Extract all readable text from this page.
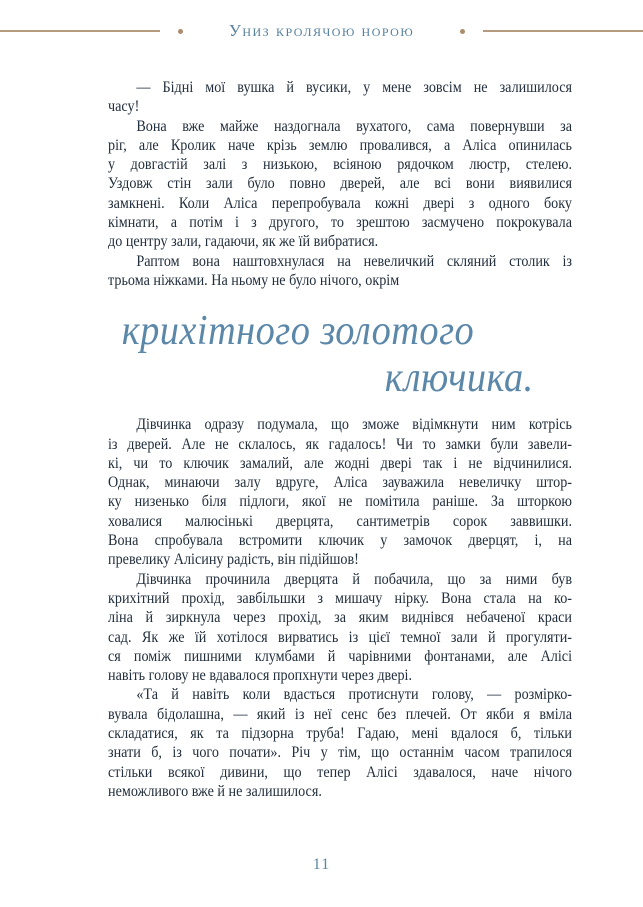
Униз кролячою норою
— Бідні мої вушка й вусики, у мене зовсім не залишилося
часу!
Вона вже майже наздогнала вухатого, сама повернувши за
ріг, але Кролик наче крізь землю провалився, а Аліса опинилась
у довгастій залі з низькою, всіяною рядочком люстр, стелею.
Уздовж стін зали було повно дверей, але всі вони виявилися
замкнені. Коли Аліса перепробувала кожні двері з одного боку
кімнати, а потім і з другого, то зрештою засмучено покрокувала
до центру зали, гадаючи, як же їй вибратися.
Раптом вона наштовхнулася на невеличкий скляний столик із
трьома ніжками. На ньому не було нічого, окрім
крихітного золотого
ключика.
Дівчинка одразу подумала, що зможе відімкнути ним котрісь
із дверей. Але не склалось, як гадалось! Чи то замки були завели-
кі, чи то ключик замалий, але жодні двері так і не відчинилися.
Однак, минаючи залу вдруге, Аліса зауважила невеличку штор-
ку низенько біля підлоги, якої не помітила раніше. За шторкою
ховалися малюсінькі дверцята, сантиметрів сорок заввишки.
Вона спробувала встромити ключик у замочок дверцят, і, на
превелику Алісину радість, він підійшов!
Дівчинка прочинила дверцята й побачила, що за ними був
крихітний прохід, завбільшки з мишачу нірку. Вона стала на ко-
ліна й зиркнула через прохід, за яким виднівся небаченої краси
сад. Як же їй хотілося вирватись із цієї темної зали й прогуляти-
ся поміж пишними клумбами й чарівними фонтанами, але Алісі
навіть голову не вдавалося пропхнути через двері.
«Та й навіть коли вдасться протиснути голову, — розмірко-
вувала бідолашна, — який із неї сенс без плечей. От якби я вміла
складатися, як та підзорна труба! Гадаю, мені вдалося б, тільки
знати б, із чого почати». Річ у тім, що останнім часом трапилося
стільки всякої дивини, що тепер Алісі здавалося, наче нічого
неможливого вже й не залишилося.
11
